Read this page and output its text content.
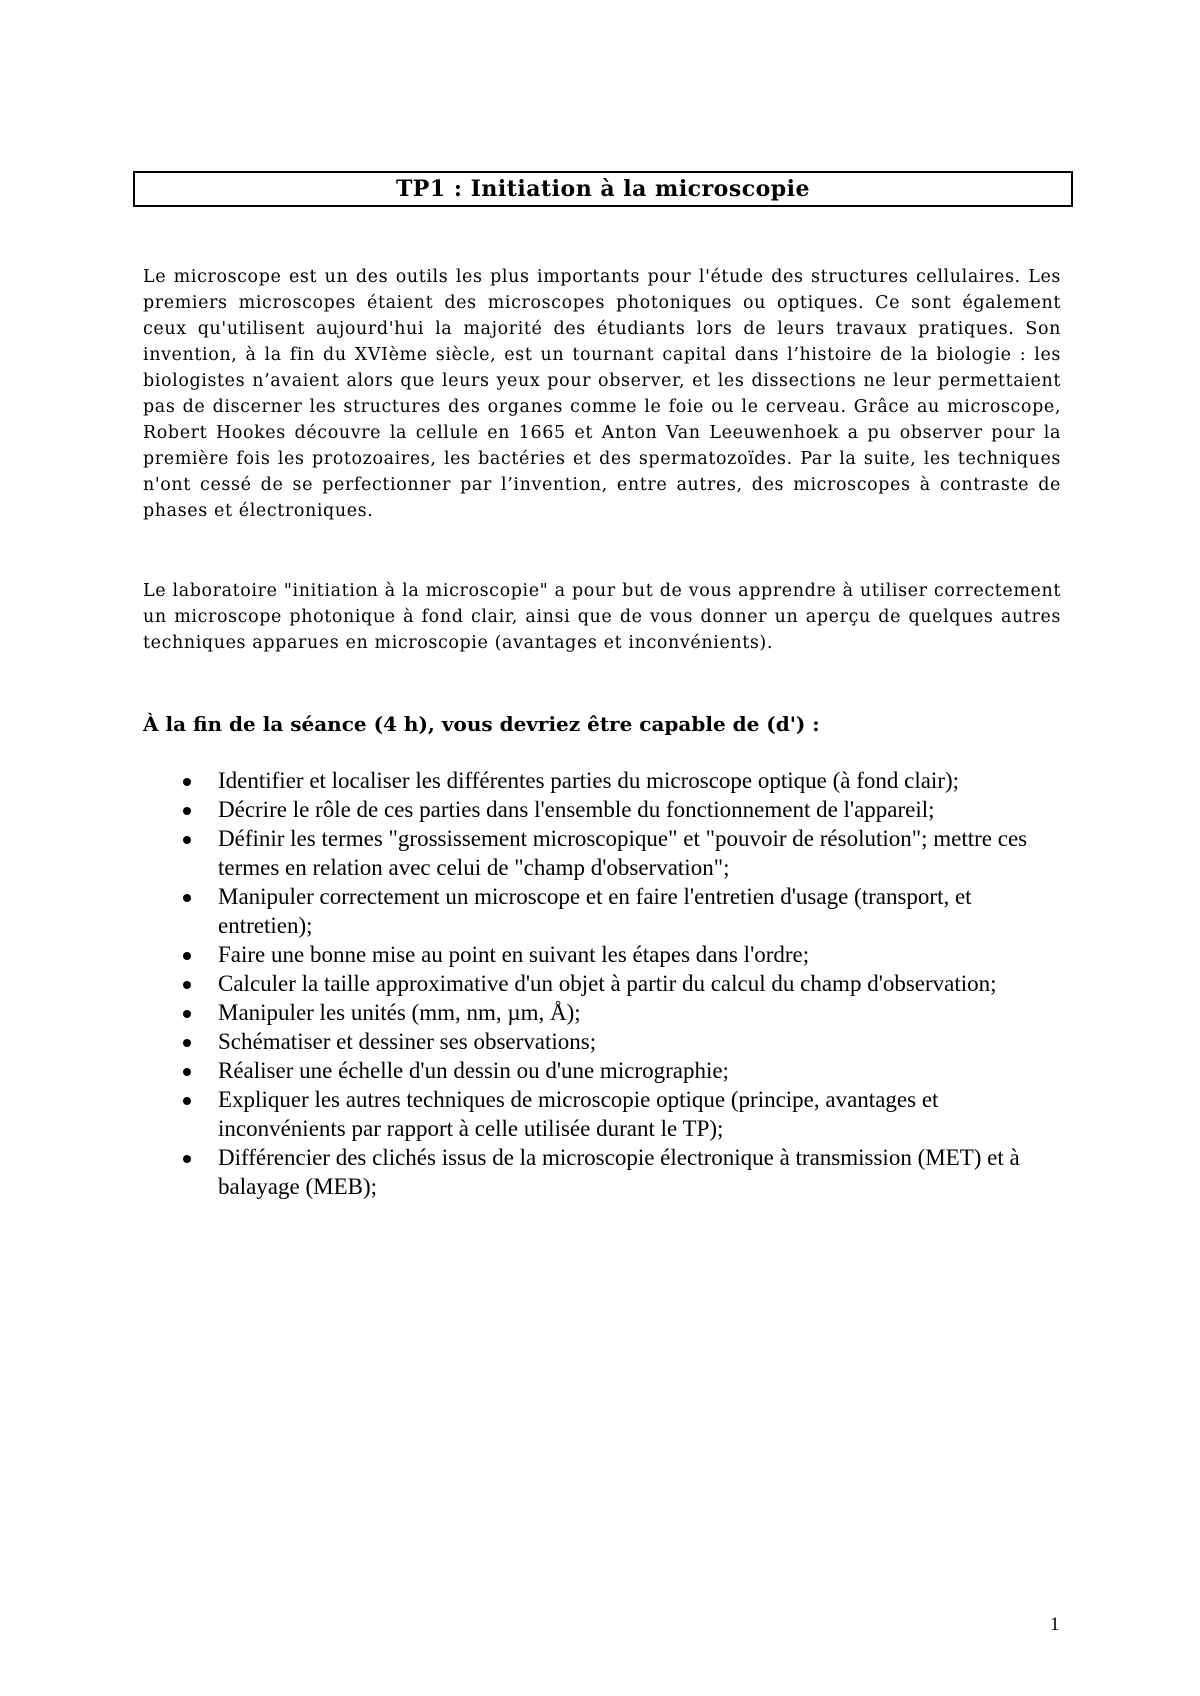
TP1 : Initiation à la microscopie

Le microscope est un des outils les plus importants pour l'étude des structures cellulaires. Les premiers microscopes étaient des microscopes photoniques ou optiques. Ce sont également ceux qu'utilisent aujourd'hui la majorité des étudiants lors de leurs travaux pratiques. Son invention, à la fin du XVIème siècle, est un tournant capital dans l’histoire de la biologie : les biologistes n’avaient alors que leurs yeux pour observer, et les dissections ne leur permettaient pas de discerner les structures des organes comme le foie ou le cerveau. Grâce au microscope, Robert Hookes découvre la cellule en 1665 et Anton Van Leeuwenhoek a pu observer pour la première fois les protozoaires, les bactéries et des spermatozoïdes. Par la suite, les techniques n'ont cessé de se perfectionner par l’invention, entre autres, des microscopes à contraste de phases et électroniques.

Le laboratoire "initiation à la microscopie" a pour but de vous apprendre à utiliser correctement un microscope photonique à fond clair, ainsi que de vous donner un aperçu de quelques autres techniques apparues en microscopie (avantages et inconvénients).

À la fin de la séance (4 h), vous devriez être capable de (d') :

Identifier et localiser les différentes parties du microscope optique (à fond clair);
Décrire le rôle de ces parties dans l'ensemble du fonctionnement de l'appareil;
Définir les termes "grossissement microscopique" et "pouvoir de résolution"; mettre ces termes en relation avec celui de "champ d'observation";
Manipuler correctement un microscope et en faire l'entretien d'usage (transport, et entretien);
Faire une bonne mise au point en suivant les étapes dans l'ordre;
Calculer la taille approximative d'un objet à partir du calcul du champ d'observation;
Manipuler les unités (mm, nm, µm, Å);
Schématiser et dessiner ses observations;
Réaliser une échelle d'un dessin ou d'une micrographie;
Expliquer les autres techniques de microscopie optique (principe, avantages et inconvénients par rapport à celle utilisée durant le TP);
Différencier des clichés issus de la microscopie électronique à transmission (MET) et à balayage (MEB);
1
